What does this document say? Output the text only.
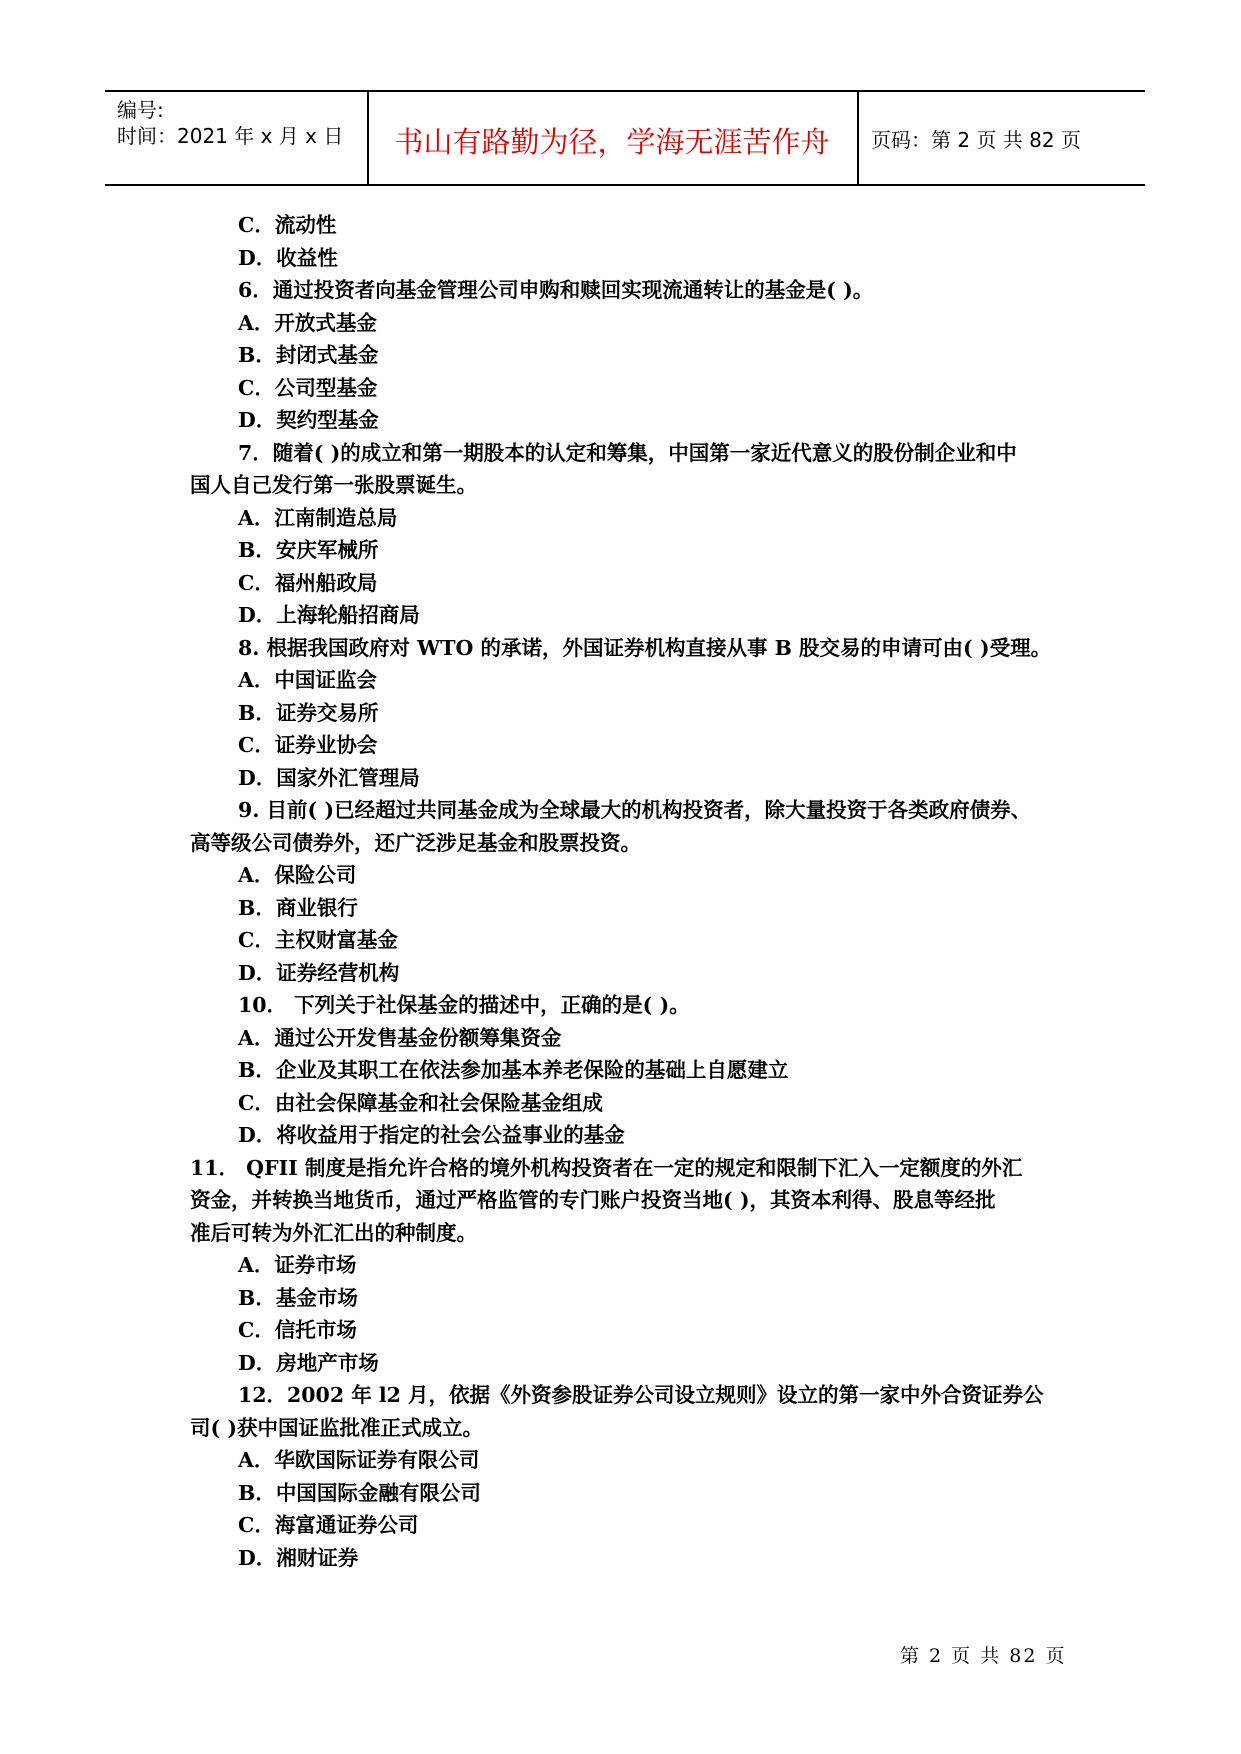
编号:
时间：2021 年 x 月 x 日	书山有路勤为径，学海无涯苦作舟	页码：第 2 页 共 82 页
C．流动性
D．收益性
6．通过投资者向基金管理公司申购和赎回实现流通转让的基金是( )。
A．开放式基金
B．封闭式基金
C．公司型基金
D．契约型基金
7．随着( )的成立和第一期股本的认定和筹集，中国第一家近代意义的股份制企业和中
国人自己发行第一张股票诞生。
A．江南制造总局
B．安庆军械所
C．福州船政局
D．上海轮船招商局
8. 根据我国政府对 WTO 的承诺，外国证券机构直接从事 B 股交易的申请可由( )受理。
A．中国证监会
B．证券交易所
C．证券业协会
D．国家外汇管理局
9. 目前( )已经超过共同基金成为全球最大的机构投资者，除大量投资于各类政府债券、
高等级公司债券外，还广泛涉足基金和股票投资。
A．保险公司
B．商业银行
C．主权财富基金
D．证券经营机构
10． 下列关于社保基金的描述中，正确的是( )。
A．通过公开发售基金份额筹集资金
B．企业及其职工在依法参加基本养老保险的基础上自愿建立
C．由社会保障基金和社会保险基金组成
D．将收益用于指定的社会公益事业的基金
11． QFII 制度是指允许合格的境外机构投资者在一定的规定和限制下汇入一定额度的外汇
资金，并转换当地货币，通过严格监管的专门账户投资当地( )，其资本利得、股息等经批
准后可转为外汇汇出的种制度。
A．证券市场
B．基金市场
C．信托市场
D．房地产市场
12．2002 年 l2 月，依据《外资参股证券公司设立规则》设立的第一家中外合资证券公
司( )获中国证监批准正式成立。
A．华欧国际证券有限公司
B．中国国际金融有限公司
C．海富通证券公司
D．湘财证券
第 2 页 共 82 页
